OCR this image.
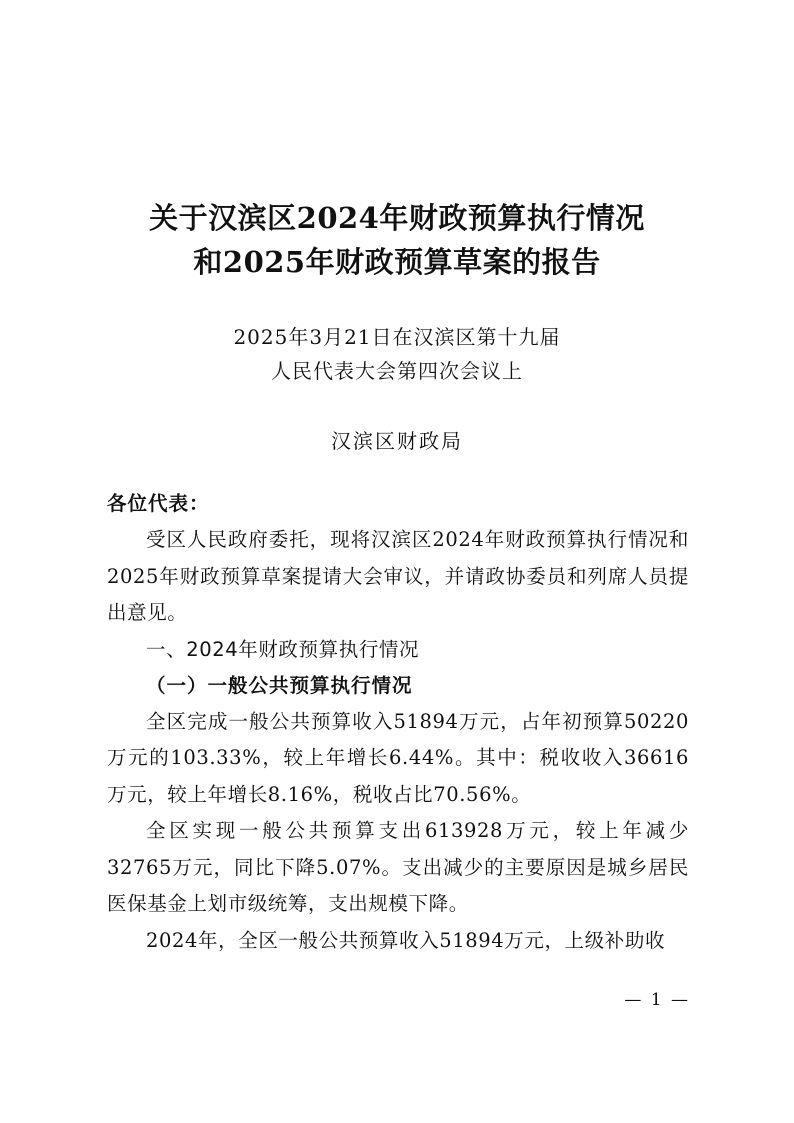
关于汉滨区2024年财政预算执行情况
和2025年财政预算草案的报告
2025年3月21日在汉滨区第十九届
人民代表大会第四次会议上
汉滨区财政局
各位代表：

受区人民政府委托，现将汉滨区2024年财政预算执行情况和2025年财政预算草案提请大会审议，并请政协委员和列席人员提出意见。

一、2024年财政预算执行情况

（一）一般公共预算执行情况

全区完成一般公共预算收入51894万元，占年初预算50220万元的103.33%，较上年增长6.44%。其中：税收收入36616万元，较上年增长8.16%，税收占比70.56%。

全区实现一般公共预算支出613928万元，较上年减少32765万元，同比下降5.07%。支出减少的主要原因是城乡居民医保基金上划市级统筹，支出规模下降。

2024年，全区一般公共预算收入51894万元，上级补助收

— 1 —
